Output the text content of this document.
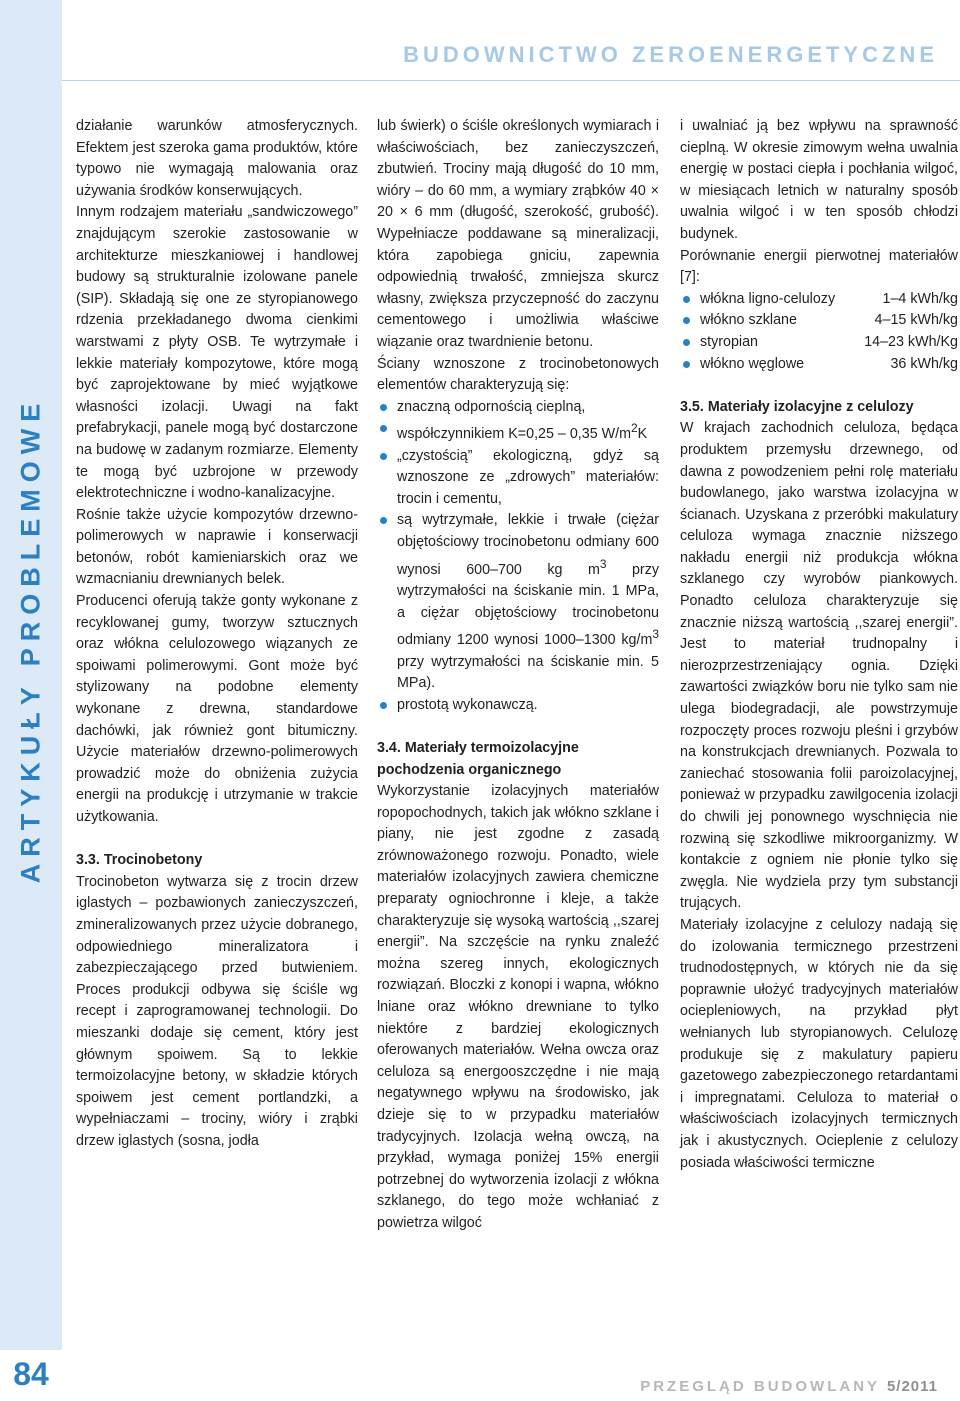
ARTYKUŁY PROBLEMOWE
84
BUDOWNICTWO ZEROENERGETYCZNE

działanie warunków atmosferycznych. Efektem jest szeroka gama produktów, które typowo nie wymagają malowania oraz używania środków konserwujących.

Innym rodzajem materiału „sandwiczowego” znajdującym szerokie zastosowanie w architekturze mieszkaniowej i handlowej budowy są strukturalnie izolowane panele (SIP). Składają się one ze styropianowego rdzenia przekładanego dwoma cienkimi warstwami z płyty OSB. Te wytrzymałe i lekkie materiały kompozytowe, które mogą być zaprojektowane by mieć wyjątkowe własności izolacji. Uwagi na fakt prefabrykacji, panele mogą być dostarczone na budowę w zadanym rozmiarze. Elementy te mogą być uzbrojone w przewody elektrotechniczne i wodno-kanalizacyjne.

Rośnie także użycie kompozytów drzewno-polimerowych w naprawie i konserwacji betonów, robót kamieniarskich oraz we wzmacnianiu drewnianych belek.

Producenci oferują także gonty wykonane z recyklowanej gumy, tworzyw sztucznych oraz włókna celulozowego wiązanych ze spoiwami polimerowymi. Gont może być stylizowany na podobne elementy wykonane z drewna, standardowe dachówki, jak również gont bitumiczny. Użycie materiałów drzewno-polimerowych prowadzić może do obniżenia zużycia energii na produkcję i utrzymanie w trakcie użytkowania.

3.3. Trocinobetony

Trocinobeton wytwarza się z trocin drzew iglastych – pozbawionych zanieczyszczeń, zmineralizowanych przez użycie dobranego, odpowiedniego mineralizatora i zabezpieczającego przed butwieniem. Proces produkcji odbywa się ściśle wg recept i zaprogramowanej technologii. Do mieszanki dodaje się cement, który jest głównym spoiwem. Są to lekkie termoizolacyjne betony, w składzie których spoiwem jest cement portlandzki, a wypełniaczami – trociny, wióry i zrąbki drzew iglastych (sosna, jodła

lub świerk) o ściśle określonych wymiarach i właściwościach, bez zanieczyszczeń, zbutwień. Trociny mają długość do 10 mm, wióry – do 60 mm, a wymiary zrąbków 40 × 20 × 6 mm (długość, szerokość, grubość). Wypełniacze poddawane są mineralizacji, która zapobiega gniciu, zapewnia odpowiednią trwałość, zmniejsza skurcz własny, zwiększa przyczepność do zaczynu cementowego i umożliwia właściwe wiązanie oraz twardnienie betonu.

Ściany wznoszone z trocinobetonowych elementów charakteryzują się:

znaczną odpornością cieplną,
współczynnikiem K=0,25 – 0,35 $W/m^2K$
„czystością” ekologiczną, gdyż są wznoszone ze „zdrowych” materiałów: trocin i cementu,
są wytrzymałe, lekkie i trwałe (ciężar objętościowy trocinobetonu odmiany 600 wynosi 600–700 kg $m^3$ przy wytrzymałości na ściskanie min. 1 MPa, a ciężar objętościowy trocinobetonu odmiany 1200 wynosi 1000–1300 $kg/m^3$ przy wytrzymałości na ściskanie min. 5 MPa).
prostotą wykonawczą.
3.4. Materiały termoizolacyjne pochodzenia organicznego

Wykorzystanie izolacyjnych materiałów ropopochodnych, takich jak włókno szklane i piany, nie jest zgodne z zasadą zrównoważonego rozwoju. Ponadto, wiele materiałów izolacyjnych zawiera chemiczne preparaty ogniochronne i kleje, a także charakteryzuje się wysoką wartością ,,szarej energii”. Na szczęście na rynku znaleźć można szereg innych, ekologicznych rozwiązań. Bloczki z konopi i wapna, włókno lniane oraz włókno drewniane to tylko niektóre z bardziej ekologicznych oferowanych materiałów. Wełna owcza oraz celuloza są energooszczędne i nie mają negatywnego wpływu na środowisko, jak dzieje się to w przypadku materiałów tradycyjnych. Izolacja wełną owczą, na przykład, wymaga poniżej 15% energii potrzebnej do wytworzenia izolacji z włókna szklanego, do tego może wchłaniać z powietrza wilgoć

i uwalniać ją bez wpływu na sprawność cieplną. W okresie zimowym wełna uwalnia energię w postaci ciepła i pochłania wilgoć, w miesiącach letnich w naturalny sposób uwalnia wilgoć i w ten sposób chłodzi budynek.

Porównanie energii pierwotnej materiałów [7]:

włókna ligno-celulozy	1–4 kWh/kg
włókno szklane	4–15 kWh/kg
styropian	14–23 kWh/Kg
włókno węglowe	36 kWh/kg
3.5. Materiały izolacyjne z celulozy

W krajach zachodnich celuloza, będąca produktem przemysłu drzewnego, od dawna z powodzeniem pełni rolę materiału budowlanego, jako warstwa izolacyjna w ścianach. Uzyskana z przeróbki makulatury celuloza wymaga znacznie niższego nakładu energii niż produkcja włókna szklanego czy wyrobów piankowych. Ponadto celuloza charakteryzuje się znacznie niższą wartością ,,szarej energii”. Jest to materiał trudnopalny i nierozprzestrzeniający ognia. Dzięki zawartości związków boru nie tylko sam nie ulega biodegradacji, ale powstrzymuje rozpoczęty proces rozwoju pleśni i grzybów na konstrukcjach drewnianych. Pozwala to zaniechać stosowania folii paroizolacyjnej, ponieważ w przypadku zawilgocenia izolacji do chwili jej ponownego wyschnięcia nie rozwiną się szkodliwe mikroorganizmy. W kontakcie z ogniem nie płonie tylko się zwęgla. Nie wydziela przy tym substancji trujących.

Materiały izolacyjne z celulozy nadają się do izolowania termicznego przestrzeni trudnodostępnych, w których nie da się poprawnie ułożyć tradycyjnych materiałów ociepleniowych, na przykład płyt wełnianych lub styropianowych. Celulozę produkuje się z makulatury papieru gazetowego zabezpieczonego retardantami i impregnatami. Celuloza to materiał o właściwościach izolacyjnych termicznych jak i akustycznych. Ocieplenie z celulozy posiada właściwości termiczne

PRZEGLĄD BUDOWLANY 5/2011
